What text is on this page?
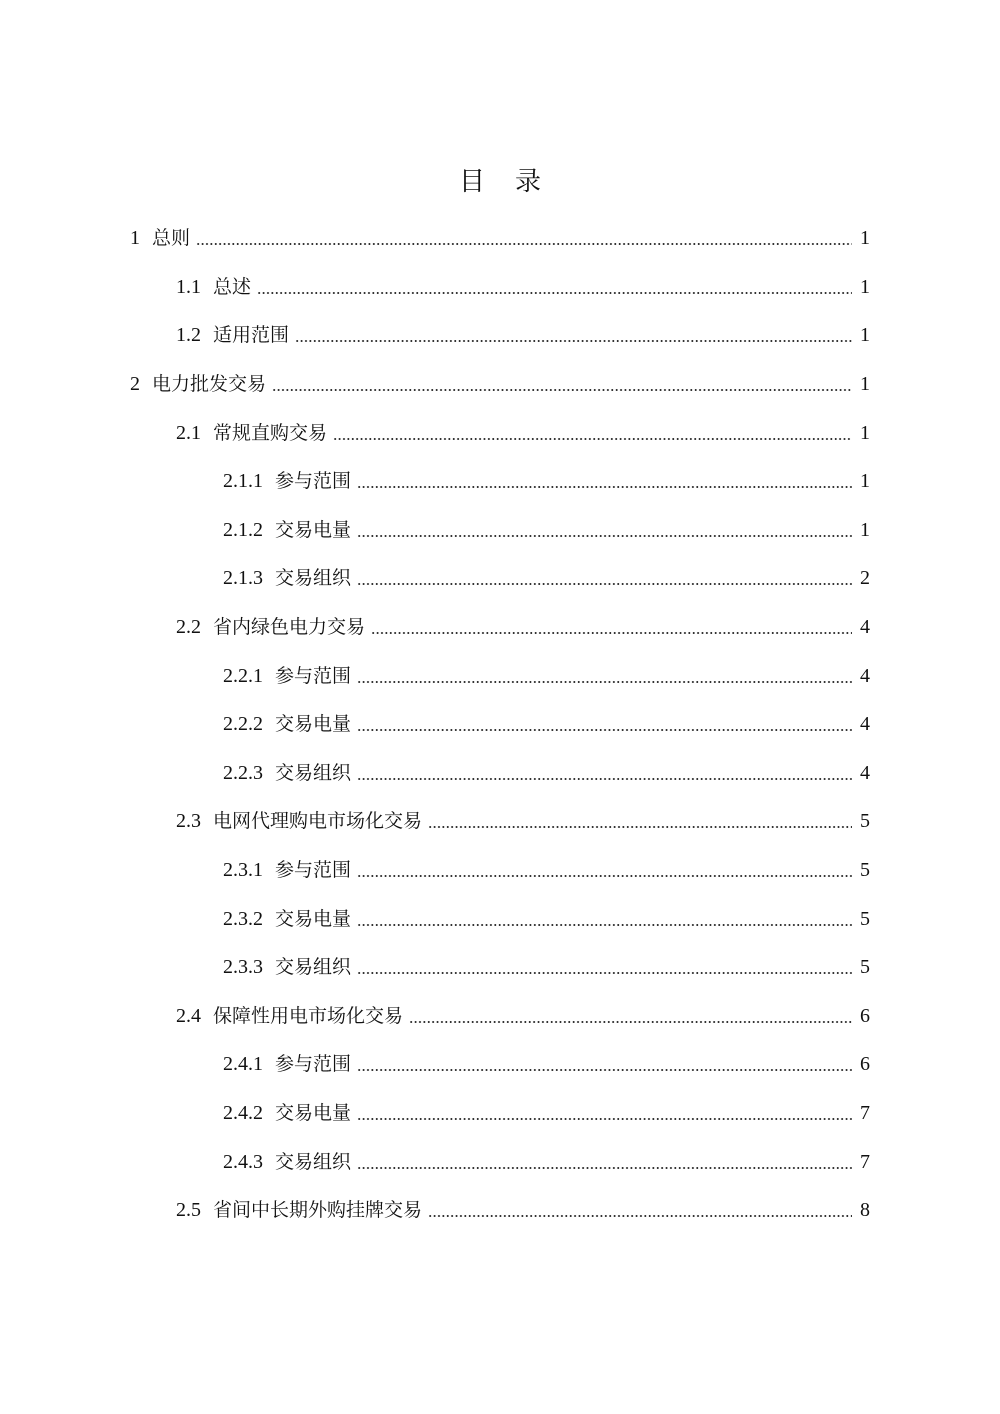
目 录
1 总则	1
1.1 总述	1
1.2 适用范围	1
2 电力批发交易	1
2.1 常规直购交易	1
2.1.1 参与范围	1
2.1.2 交易电量	1
2.1.3 交易组织	2
2.2 省内绿色电力交易	4
2.2.1 参与范围	4
2.2.2 交易电量	4
2.2.3 交易组织	4
2.3 电网代理购电市场化交易	5
2.3.1 参与范围	5
2.3.2 交易电量	5
2.3.3 交易组织	5
2.4 保障性用电市场化交易	6
2.4.1 参与范围	6
2.4.2 交易电量	7
2.4.3 交易组织	7
2.5 省间中长期外购挂牌交易	8
